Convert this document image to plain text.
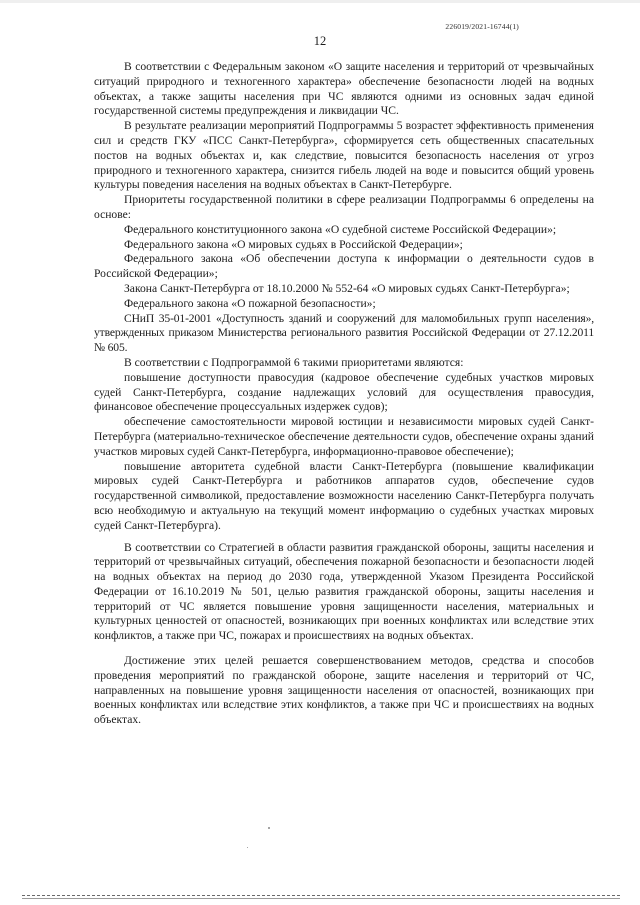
226019/2021-16744(1)
12

В соответствии с Федеральным законом «О защите населения и территорий от чрезвычайных ситуаций природного и техногенного характера» обеспечение безопасности людей на водных объектах, а также защиты населения при ЧС являются одними из основных задач единой государственной системы предупреждения и ликвидации ЧС.

В результате реализации мероприятий Подпрограммы 5 возрастет эффективность применения сил и средств ГКУ «ПСС Санкт-Петербурга», сформируется сеть общественных спасательных постов на водных объектах и, как следствие, повысится безопасность населения от угроз природного и техногенного характера, снизится гибель людей на воде и повысится общий уровень культуры поведения населения на водных объектах в Санкт-Петербурге.

Приоритеты государственной политики в сфере реализации Подпрограммы 6 определены на основе:

Федерального конституционного закона «О судебной системе Российской Федерации»;

Федерального закона «О мировых судьях в Российской Федерации»;

Федерального закона «Об обеспечении доступа к информации о деятельности судов в Российской Федерации»;

Закона Санкт-Петербурга от 18.10.2000 № 552-64 «О мировых судьях Санкт-Петербурга»;

Федерального закона «О пожарной безопасности»;

СНиП 35-01-2001 «Доступность зданий и сооружений для маломобильных групп населения», утвержденных приказом Министерства регионального развития Российской Федерации от 27.12.2011 № 605.

В соответствии с Подпрограммой 6 такими приоритетами являются:

повышение доступности правосудия (кадровое обеспечение судебных участков мировых судей Санкт-Петербурга, создание надлежащих условий для осуществления правосудия, финансовое обеспечение процессуальных издержек судов);

обеспечение самостоятельности мировой юстиции и независимости мировых судей Санкт-Петербурга (материально-техническое обеспечение деятельности судов, обеспечение охраны зданий участков мировых судей Санкт-Петербурга, информационно-правовое обеспечение);

повышение авторитета судебной власти Санкт-Петербурга (повышение квалификации мировых судей Санкт-Петербурга и работников аппаратов судов, обеспечение судов государственной символикой, предоставление возможности населению Санкт-Петербурга получать всю необходимую и актуальную на текущий момент информацию о судебных участках мировых судей Санкт-Петербурга).

В соответствии со Стратегией в области развития гражданской обороны, защиты населения и территорий от чрезвычайных ситуаций, обеспечения пожарной безопасности и безопасности людей на водных объектах на период до 2030 года, утвержденной Указом Президента Российской Федерации от 16.10.2019 № 501, целью развития гражданской обороны, защиты населения и территорий от ЧС является повышение уровня защищенности населения, материальных и культурных ценностей от опасностей, возникающих при военных конфликтах или вследствие этих конфликтов, а также при ЧС, пожарах и происшествиях на водных объектах.

Достижение этих целей решается совершенствованием методов, средства и способов проведения мероприятий по гражданской обороне, защите населения и территорий от ЧС, направленных на повышение уровня защищенности населения от опасностей, возникающих при военных конфликтах или вследствие этих конфликтов, а также при ЧС и происшествиях на водных объектах.
